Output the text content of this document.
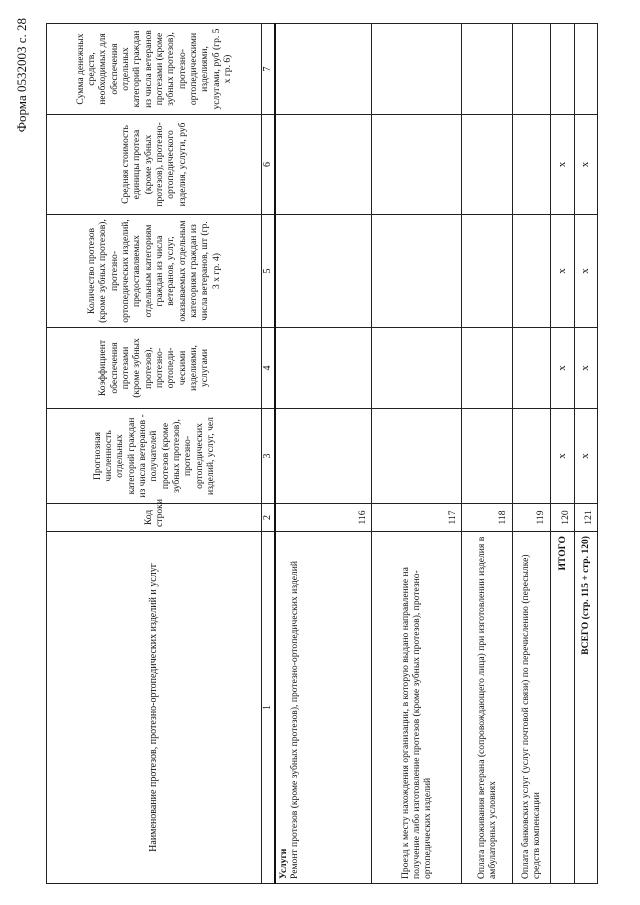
Форма 0532003 с. 28
Наименование протезов, протезно-ортопедических изделий и услуг	Код строки	Прогнозная численность отдельных категорий граждан из числа ветеранов - получателей протезов (кроме зубных протезов), протезно-ортопедических изделий, услуг, чел	Коэффициент обеспечения протезами (кроме зубных протезов), протезно-ортопеди-ческими изделиями, услугами	Количество протезов (кроме зубных протезов), протезно-ортопедических изделий, предоставляемых отдельным категориям граждан из числа ветеранов, услуг, оказываемых отдельным категориям граждан из числа ветеранов, шт (гр. 3 х гр. 4)	Средняя стоимость единицы протеза (кроме зубных протезов), протезно-ортопедического изделия, услуги, руб	Сумма денежных средств, необходимых для обеспечения отдельных категорий граждан из числа ветеранов протезами (кроме зубных протезов), протезно-ортопедическими изделиями, услугами, руб (гр. 5 х гр. 6)
1	2	3	4	5	6	7

Услуги Ремонт протезов (кроме зубных протезов), протезно-ортопедических изделий	116					
Проезд к месту нахождения организации, в которую выдано направление на получение либо изготовление протезов (кроме зубных протезов), протезно-ортопедических изделий	117					
Оплата проживания ветерана (сопровождающего лица) при изготовлении изделия в амбулаторных условиях	118					
Оплата банковских услуг (услуг почтовой связи) по перечислению (пересылке) средств компенсации	119					
ИТОГО	120	x	x	x	x	
ВСЕГО (стр. 115 + стр. 120)	121	x	x	x	x	
